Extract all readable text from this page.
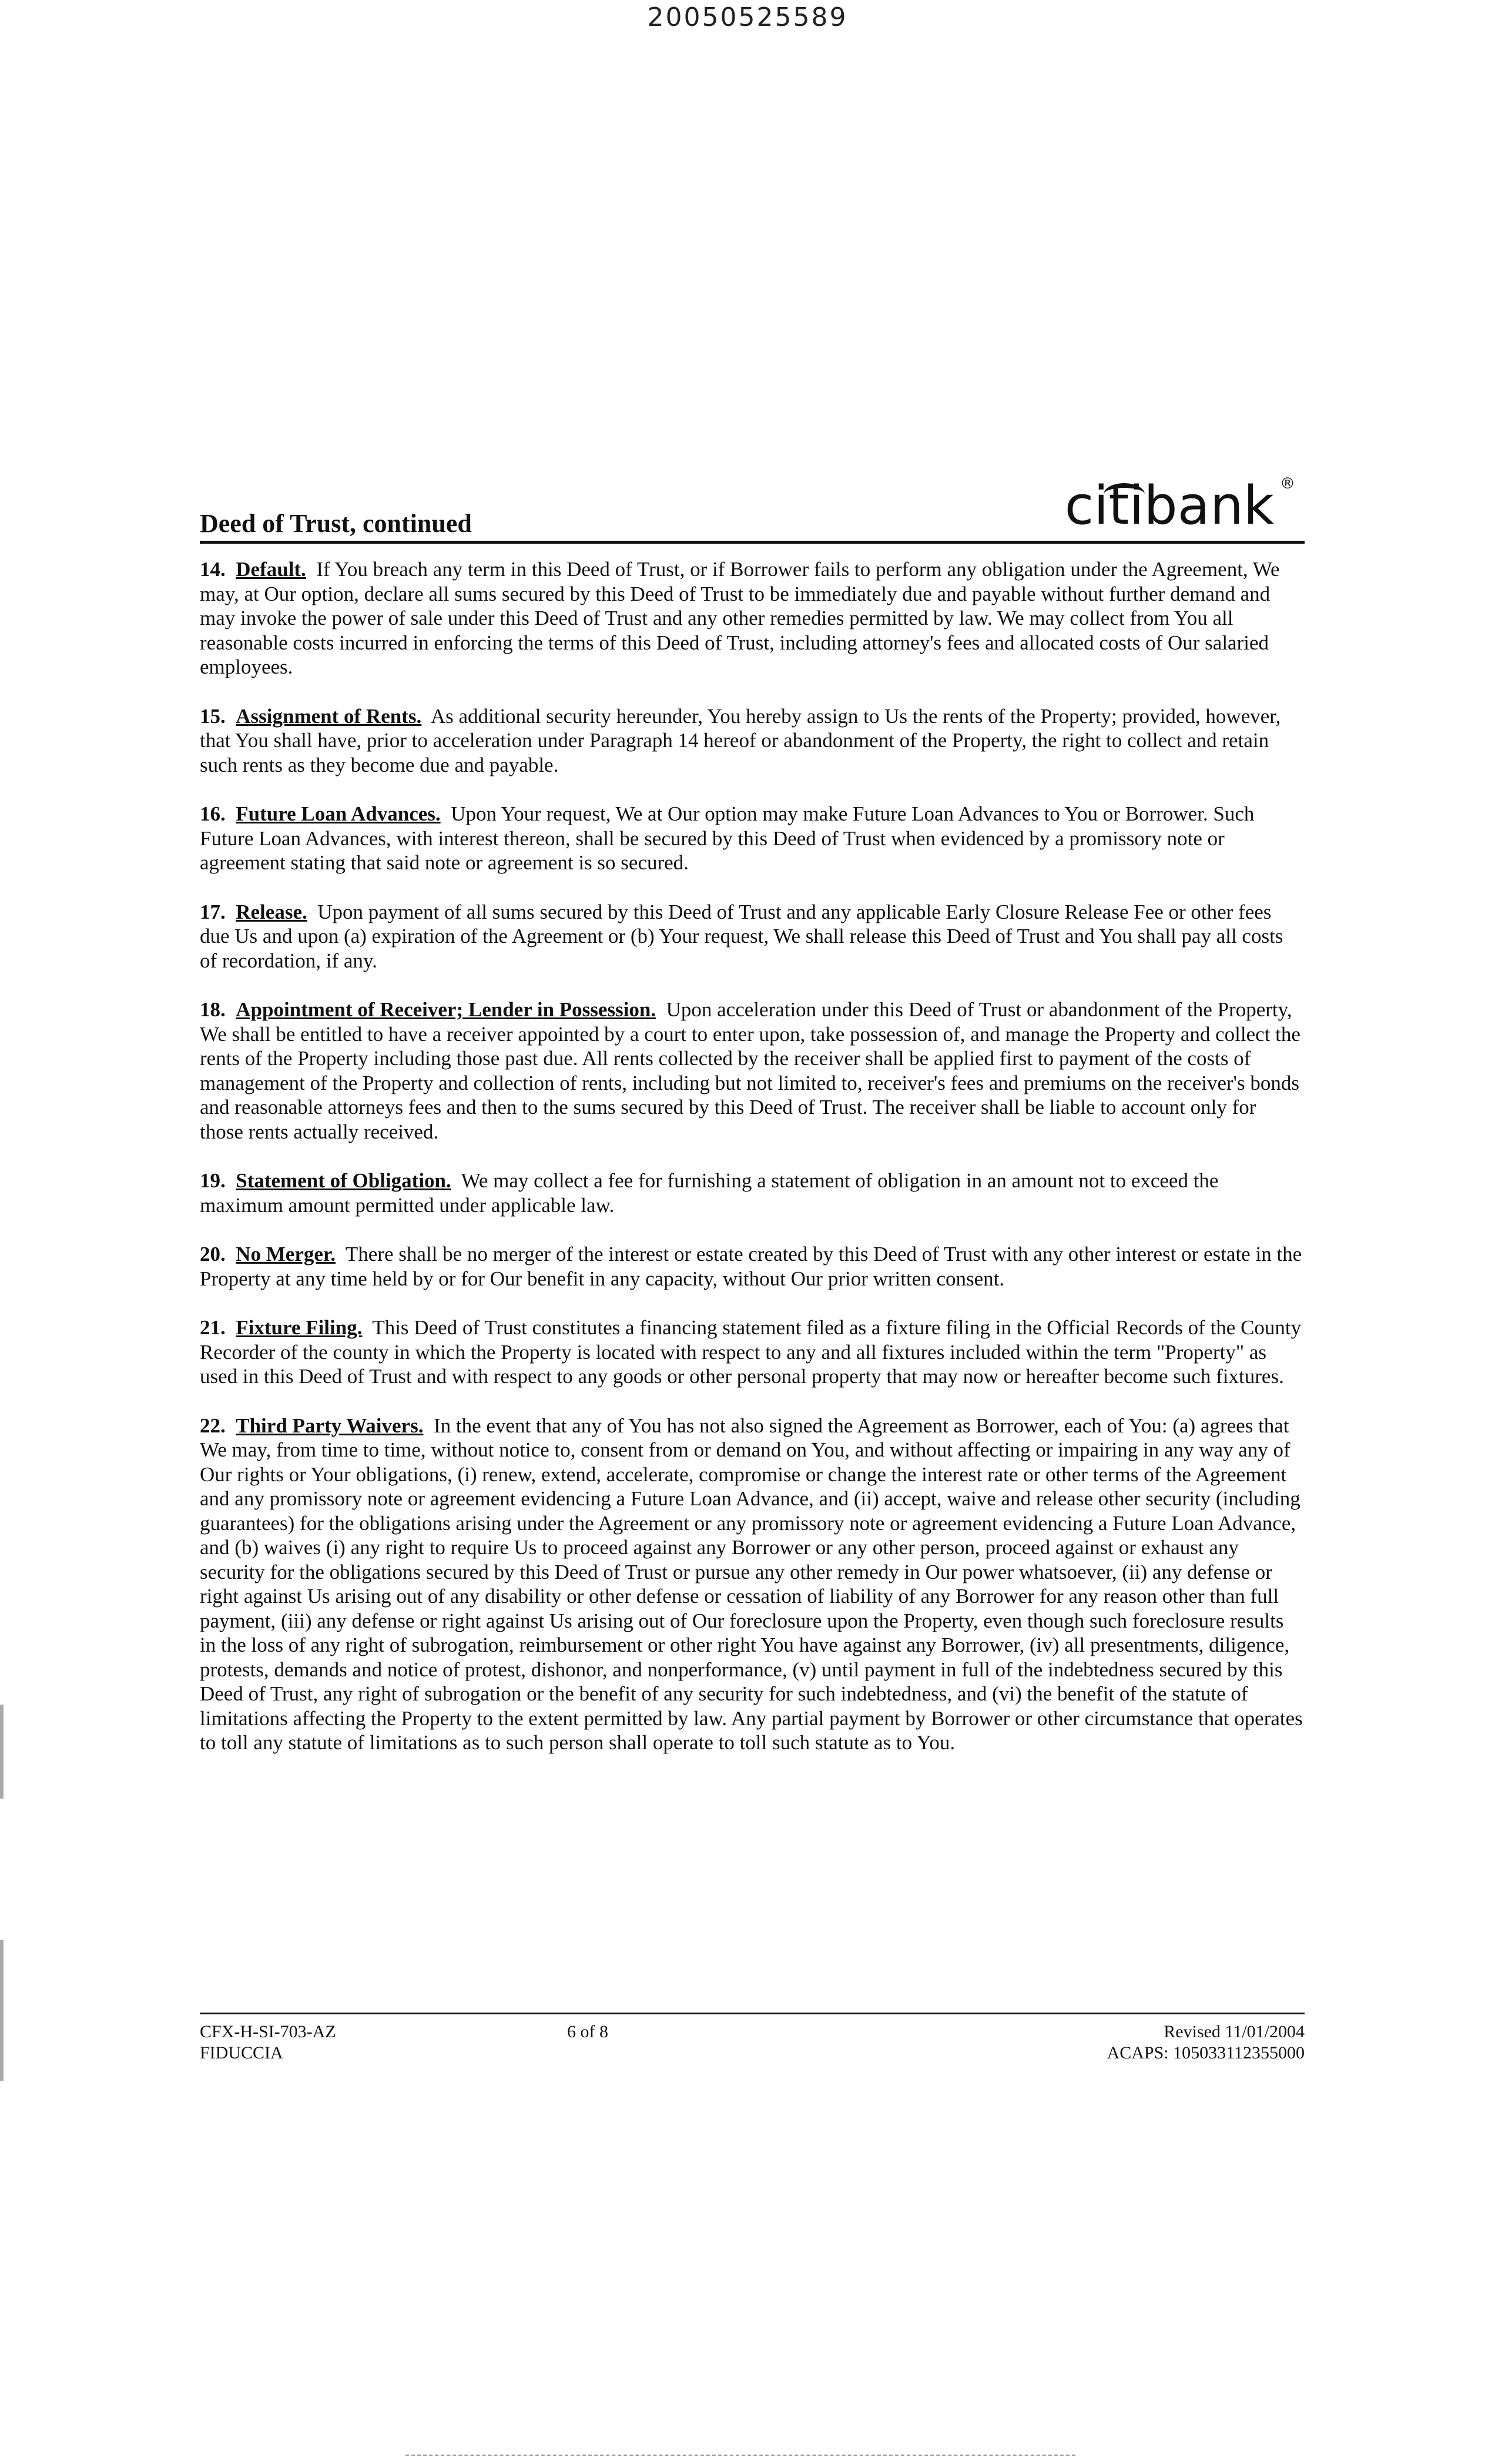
20050525589
Deed of Trust, continued	citibank ®

14. Default. If You breach any term in this Deed of Trust, or if Borrower fails to perform any obligation under the Agreement, We may, at Our option, declare all sums secured by this Deed of Trust to be immediately due and payable without further demand and may invoke the power of sale under this Deed of Trust and any other remedies permitted by law. We may collect from You all reasonable costs incurred in enforcing the terms of this Deed of Trust, including attorney's fees and allocated costs of Our salaried employees.

15. Assignment of Rents. As additional security hereunder, You hereby assign to Us the rents of the Property; provided, however, that You shall have, prior to acceleration under Paragraph 14 hereof or abandonment of the Property, the right to collect and retain such rents as they become due and payable.

16. Future Loan Advances. Upon Your request, We at Our option may make Future Loan Advances to You or Borrower. Such Future Loan Advances, with interest thereon, shall be secured by this Deed of Trust when evidenced by a promissory note or agreement stating that said note or agreement is so secured.

17. Release. Upon payment of all sums secured by this Deed of Trust and any applicable Early Closure Release Fee or other fees due Us and upon (a) expiration of the Agreement or (b) Your request, We shall release this Deed of Trust and You shall pay all costs of recordation, if any.

18. Appointment of Receiver; Lender in Possession. Upon acceleration under this Deed of Trust or abandonment of the Property, We shall be entitled to have a receiver appointed by a court to enter upon, take possession of, and manage the Property and collect the rents of the Property including those past due. All rents collected by the receiver shall be applied first to payment of the costs of management of the Property and collection of rents, including but not limited to, receiver's fees and premiums on the receiver's bonds and reasonable attorneys fees and then to the sums secured by this Deed of Trust. The receiver shall be liable to account only for those rents actually received.

19. Statement of Obligation. We may collect a fee for furnishing a statement of obligation in an amount not to exceed the maximum amount permitted under applicable law.

20. No Merger. There shall be no merger of the interest or estate created by this Deed of Trust with any other interest or estate in the Property at any time held by or for Our benefit in any capacity, without Our prior written consent.

21. Fixture Filing. This Deed of Trust constitutes a financing statement filed as a fixture filing in the Official Records of the County Recorder of the county in which the Property is located with respect to any and all fixtures included within the term "Property" as used in this Deed of Trust and with respect to any goods or other personal property that may now or hereafter become such fixtures.

22. Third Party Waivers. In the event that any of You has not also signed the Agreement as Borrower, each of You: (a) agrees that We may, from time to time, without notice to, consent from or demand on You, and without affecting or impairing in any way any of Our rights or Your obligations, (i) renew, extend, accelerate, compromise or change the interest rate or other terms of the Agreement and any promissory note or agreement evidencing a Future Loan Advance, and (ii) accept, waive and release other security (including guarantees) for the obligations arising under the Agreement or any promissory note or agreement evidencing a Future Loan Advance, and (b) waives (i) any right to require Us to proceed against any Borrower or any other person, proceed against or exhaust any security for the obligations secured by this Deed of Trust or pursue any other remedy in Our power whatsoever, (ii) any defense or right against Us arising out of any disability or other defense or cessation of liability of any Borrower for any reason other than full payment, (iii) any defense or right against Us arising out of Our foreclosure upon the Property, even though such foreclosure results in the loss of any right of subrogation, reimbursement or other right You have against any Borrower, (iv) all presentments, diligence, protests, demands and notice of protest, dishonor, and nonperformance, (v) until payment in full of the indebtedness secured by this Deed of Trust, any right of subrogation or the benefit of any security for such indebtedness, and (vi) the benefit of the statute of limitations affecting the Property to the extent permitted by law. Any partial payment by Borrower or other circumstance that operates to toll any statute of limitations as to such person shall operate to toll such statute as to You.

CFX-H-SI-703-AZ	6 of 8	Revised 11/01/2004
FIDUCCIA	ACAPS: 105033112355000
